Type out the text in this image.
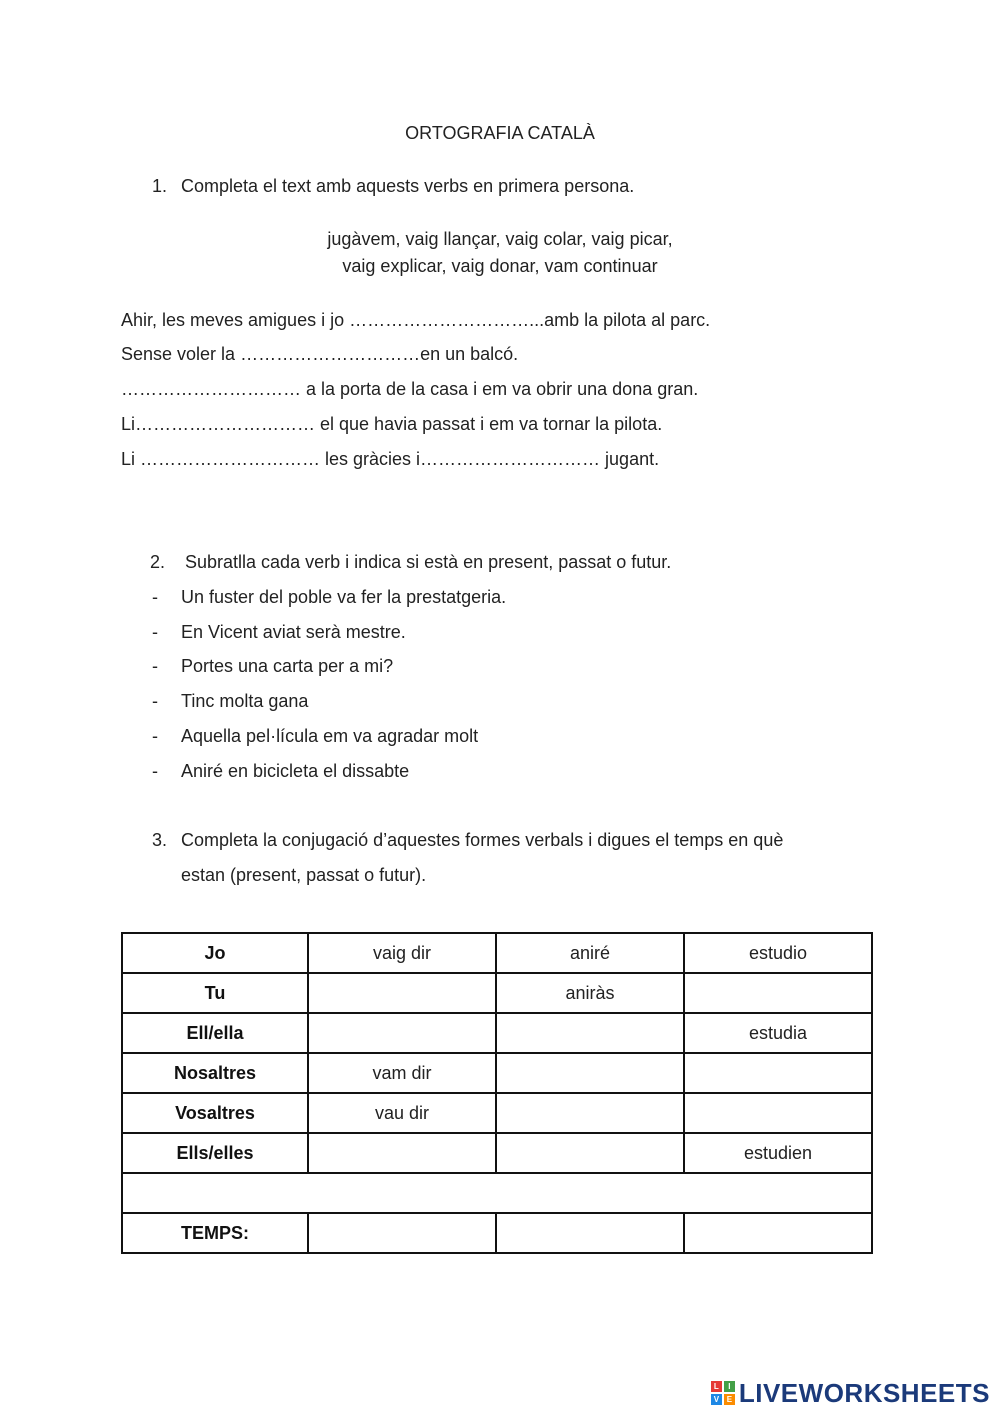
ORTOGRAFIA CATALÀ
1. Completa el text amb aquests verbs en primera persona.
jugàvem, vaig llançar, vaig colar, vaig picar,
vaig explicar, vaig donar, vam continuar
Ahir, les meves amigues i jo …………………………...amb la pilota al parc.
Sense voler la …………………………en un balcó.
………………………… a la porta de la casa i em va obrir una dona gran.
Li………………………… el que havia passat i em va tornar la pilota.
Li ………………………… les gràcies i………………………… jugant.
2. Subratlla cada verb i indica si està en present, passat o futur.
- Un fuster del poble va fer la prestatgeria.
- En Vicent aviat serà mestre.
- Portes una carta per a mi?
- Tinc molta gana
- Aquella pel·lícula em va agradar molt
- Aniré en bicicleta el dissabte
3. Completa la conjugació d’aquestes formes verbals i digues el temps en què
estan (present, passat o futur).
Jo	vaig dir	aniré	estudio
Tu		aniràs	
Ell/ella			estudia
Nosaltres	vam dir		
Vosaltres	vau dir		
Ells/elles			estudien

TEMPS:			
L	I
V E LIVEWORKSHEETS
